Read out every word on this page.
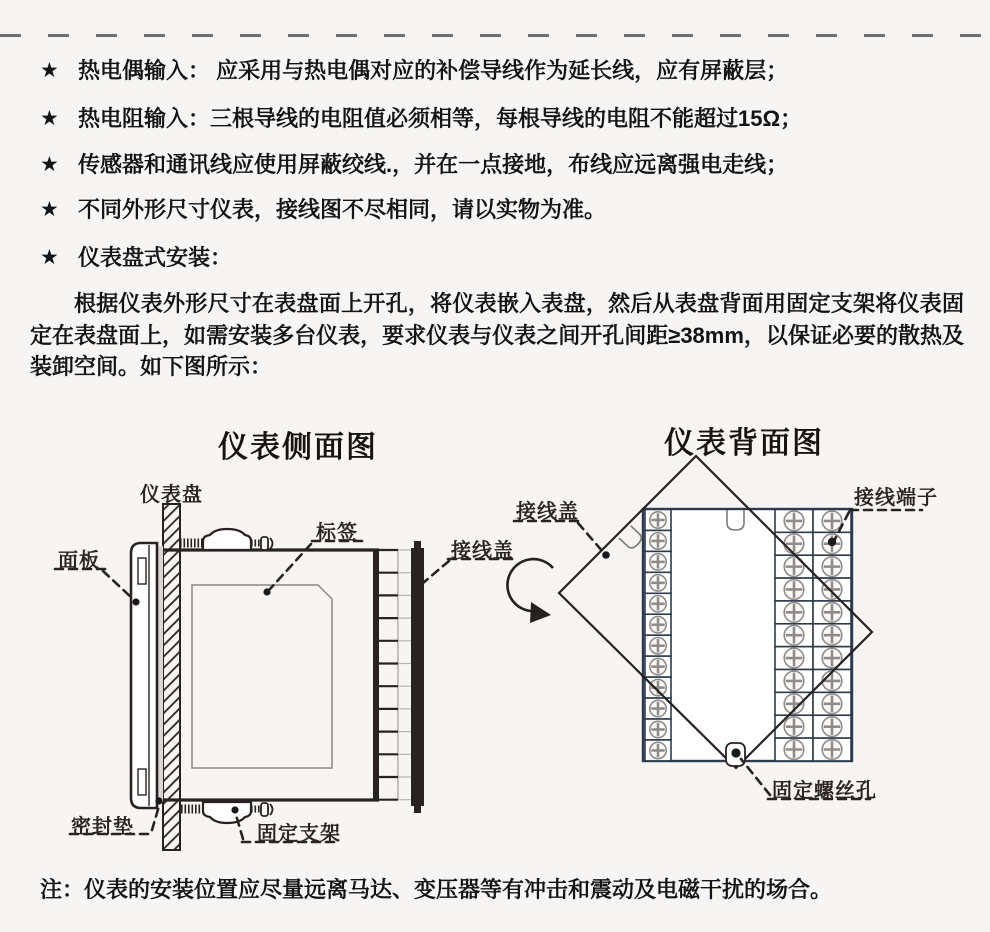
★ 热电偶输入： 应采用与热电偶对应的补偿导线作为延长线，应有屏蔽层；
★ 热电阻输入：三根导线的电阻值必须相等，每根导线的电阻不能超过15Ω；
★ 传感器和通讯线应使用屏蔽绞线.，并在一点接地，布线应远离强电走线；
★ 不同外形尺寸仪表，接线图不尽相同，请以实物为准。
★ 仪表盘式安装：

根据仪表外形尺寸在表盘面上开孔，将仪表嵌入表盘，然后从表盘背面用固定支架将仪表固定在表盘面上，如需安装多台仪表，要求仪表与仪表之间开孔间距≥38mm，以保证必要的散热及装卸空间。如下图所示：

仪表侧面图	仪表背面图
仪表盘
面板
标签
接线盖
密封垫	固定支架
接线盖
接线端子
固定螺丝孔
注：仪表的安装位置应尽量远离马达、变压器等有冲击和震动及电磁干扰的场合。
